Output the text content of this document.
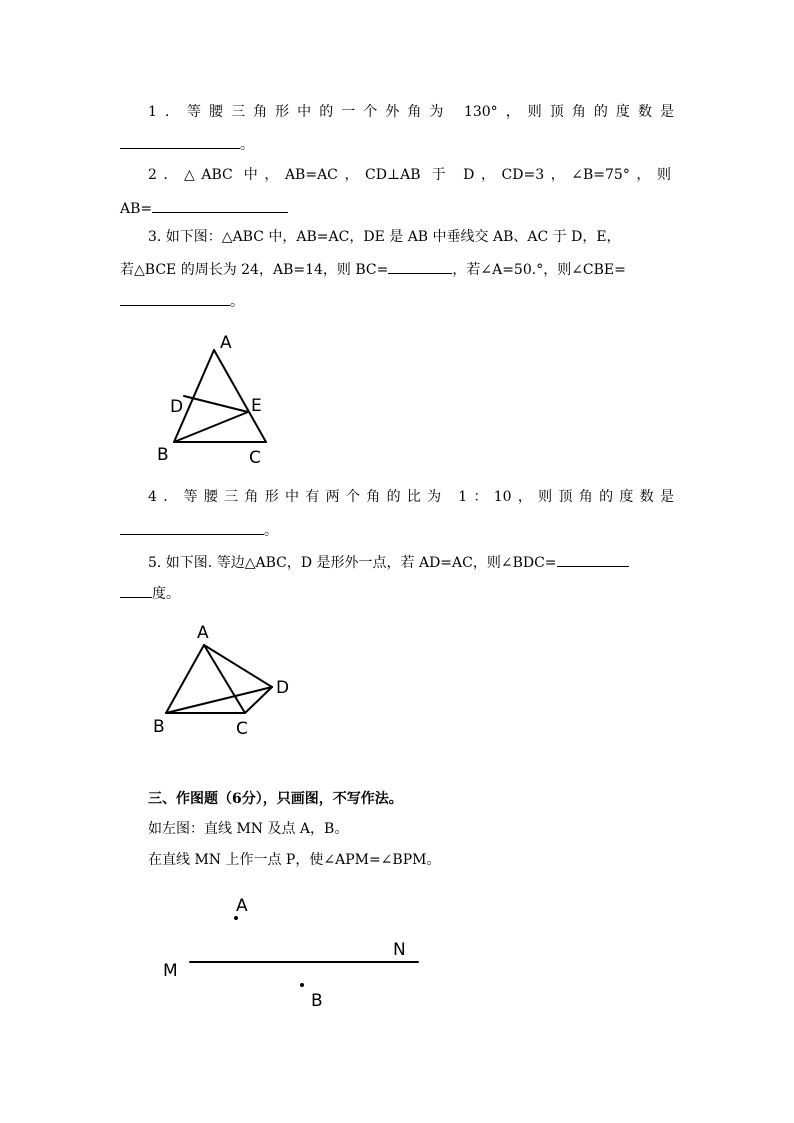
1．等腰三角形中的一个外角为 130°，则顶角的度数是
。
2．△ABC 中，AB=AC，CD⊥AB 于 D，CD=3，∠B=75°，则
AB=
3. 如下图：△ABC 中，AB=AC，DE 是 AB 中垂线交 AB、AC 于 D，E，
若△BCE 的周长为 24，AB=14，则 BC=	，若∠A=50.°，则∠CBE=
。
A
D	E
B	C
4．等腰三角形中有两个角的比为 1：10，则顶角的度数是
。
5. 如下图. 等边△ABC，D 是形外一点，若 AD=AC，则∠BDC=
度。
A
D
B	C
三、作图题（6分），只画图，不写作法。
如左图：直线 MN 及点 A，B。
在直线 MN 上作一点 P，使∠APM=∠BPM。
A
B
M
N
